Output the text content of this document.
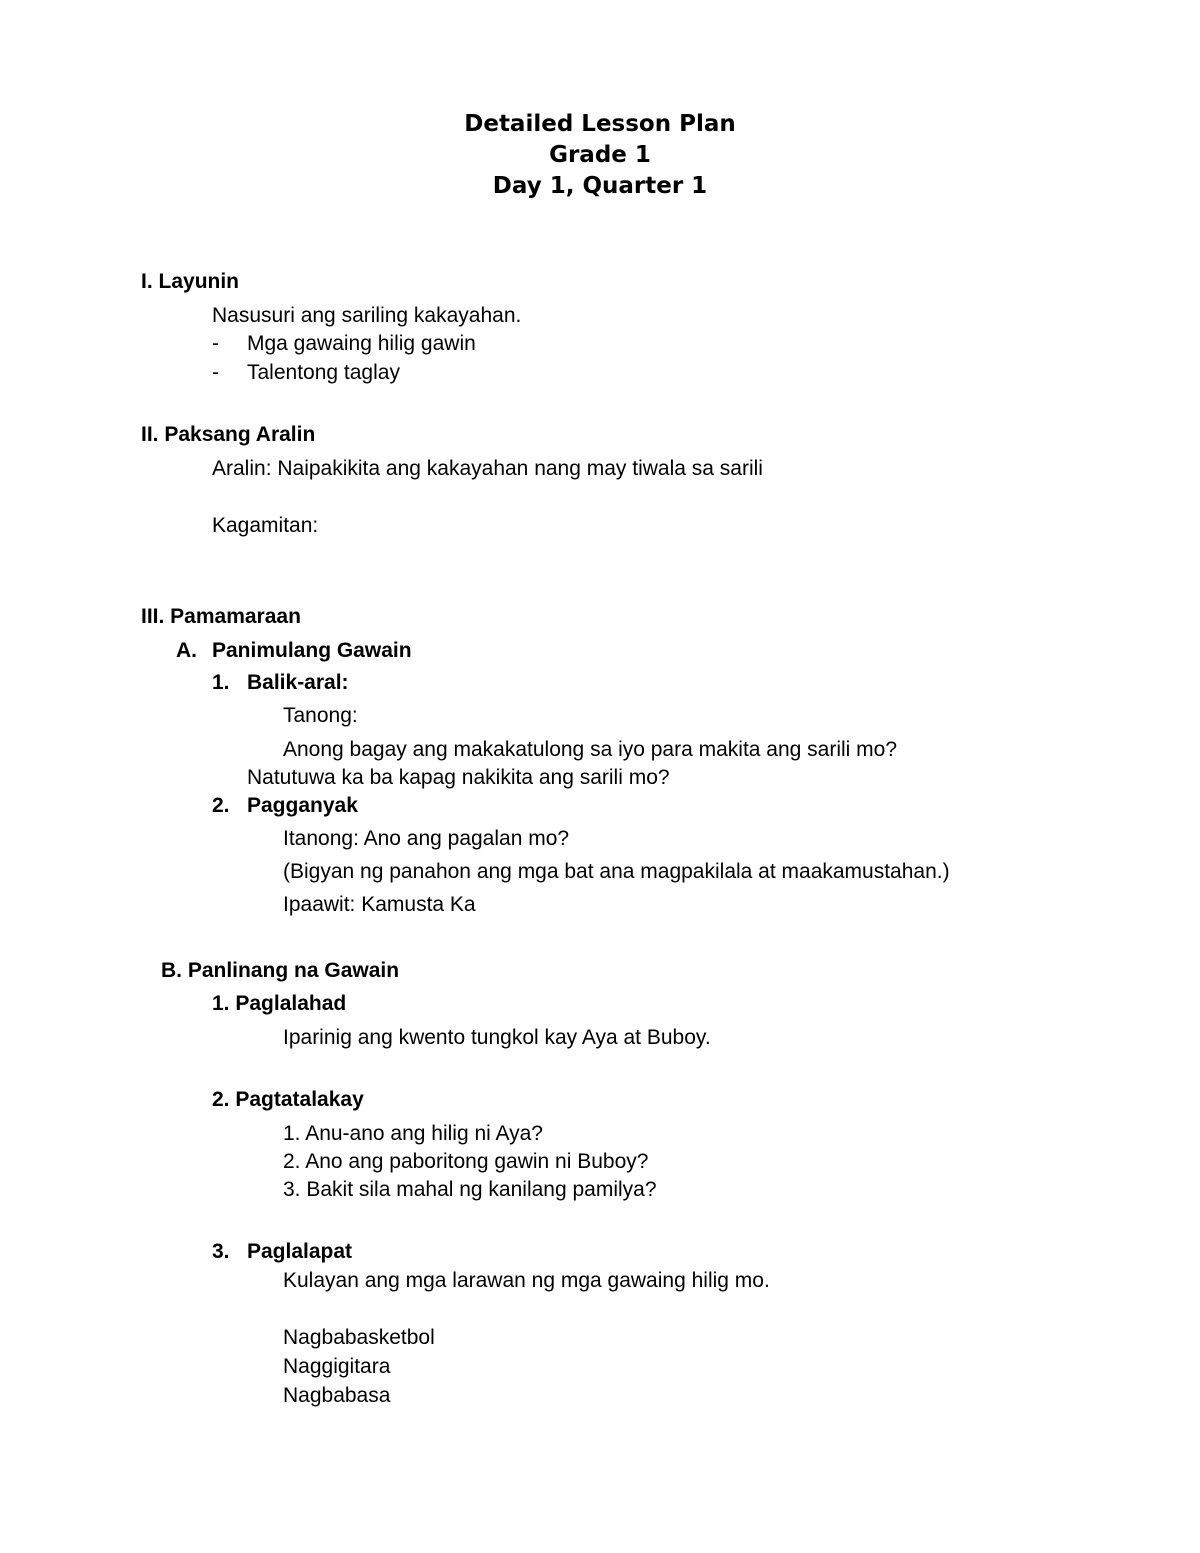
Detailed Lesson Plan
Grade 1
Day 1, Quarter 1
I. Layunin
Nasusuri ang sariling kakayahan.
- Mga gawaing hilig gawin
- Talentong taglay
II. Paksang Aralin
Aralin: Naipakikita ang kakayahan nang may tiwala sa sarili
Kagamitan:
III. Pamamaraan
A. Panimulang Gawain
1. Balik-aral:
Tanong:
Anong bagay ang makakatulong sa iyo para makita ang sarili mo?
Natutuwa ka ba kapag nakikita ang sarili mo?
2. Pagganyak
Itanong: Ano ang pagalan mo?
(Bigyan ng panahon ang mga bat ana magpakilala at maakamustahan.)
Ipaawit: Kamusta Ka
B. Panlinang na Gawain
1. Paglalahad
Iparinig ang kwento tungkol kay Aya at Buboy.
2. Pagtatalakay
1. Anu-ano ang hilig ni Aya?
2. Ano ang paboritong gawin ni Buboy?
3. Bakit sila mahal ng kanilang pamilya?
3. Paglalapat
Kulayan ang mga larawan ng mga gawaing hilig mo.
Nagbabasketbol
Naggigitara
Nagbabasa
